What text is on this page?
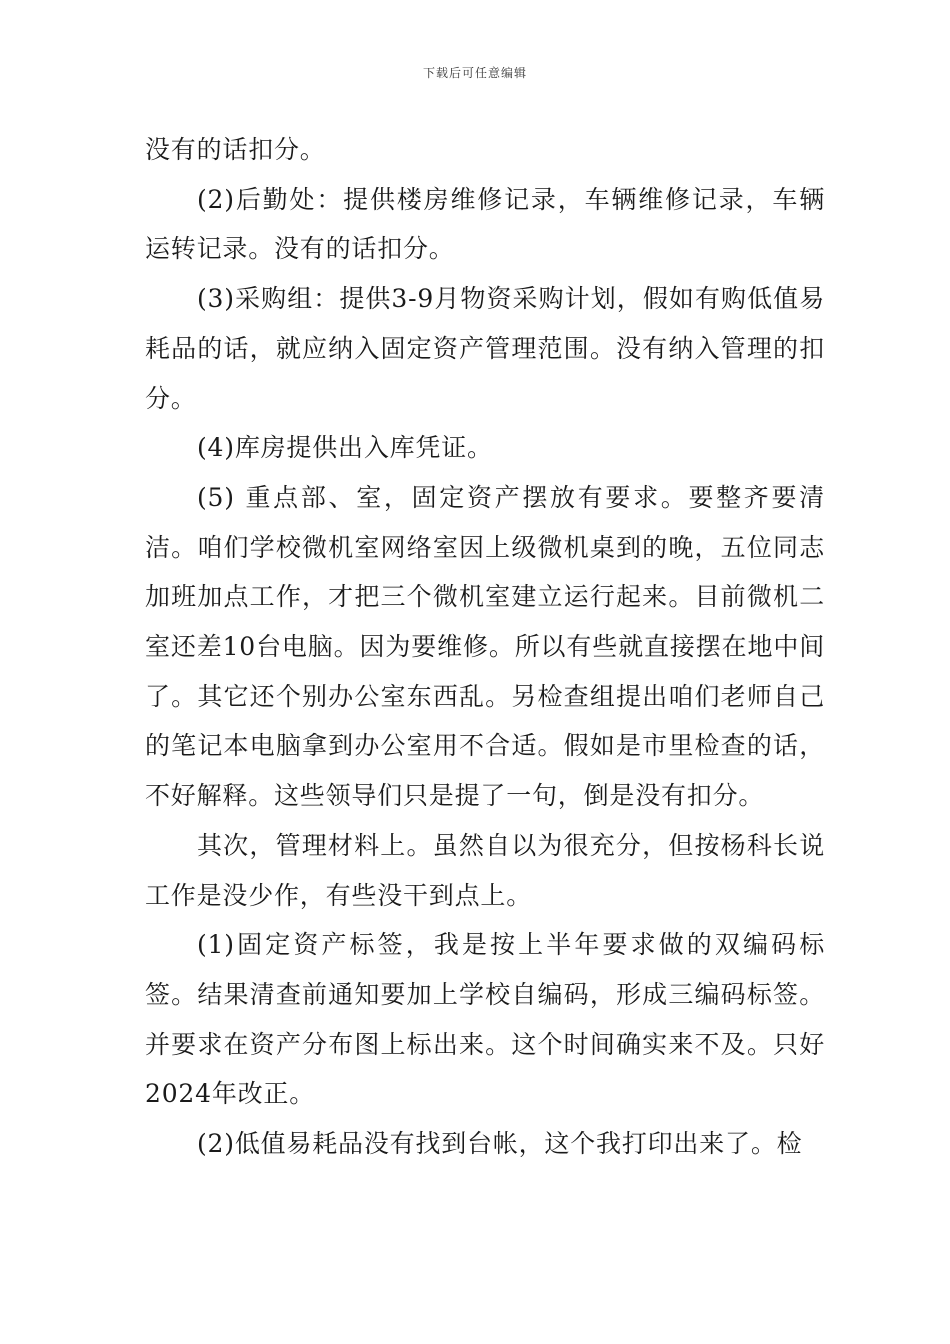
下载后可任意编辑

没有的话扣分。

(2)后勤处：提供楼房维修记录，车辆维修记录，车辆运转记录。没有的话扣分。

(3)采购组：提供3-9月物资采购计划，假如有购低值易耗品的话，就应纳入固定资产管理范围。没有纳入管理的扣分。

(4)库房提供出入库凭证。

(5) 重点部、室，固定资产摆放有要求。要整齐要清洁。咱们学校微机室网络室因上级微机桌到的晚，五位同志加班加点工作，才把三个微机室建立运行起来。目前微机二室还差10台电脑。因为要维修。所以有些就直接摆在地中间了。其它还个别办公室东西乱。另检查组提出咱们老师自己的笔记本电脑拿到办公室用不合适。假如是市里检查的话，不好解释。这些领导们只是提了一句，倒是没有扣分。

其次，管理材料上。虽然自以为很充分，但按杨科长说工作是没少作，有些没干到点上。

(1)固定资产标签，我是按上半年要求做的双编码标签。结果清查前通知要加上学校自编码，形成三编码标签。并要求在资产分布图上标出来。这个时间确实来不及。只好2024年改正。

(2)低值易耗品没有找到台帐，这个我打印出来了。检
